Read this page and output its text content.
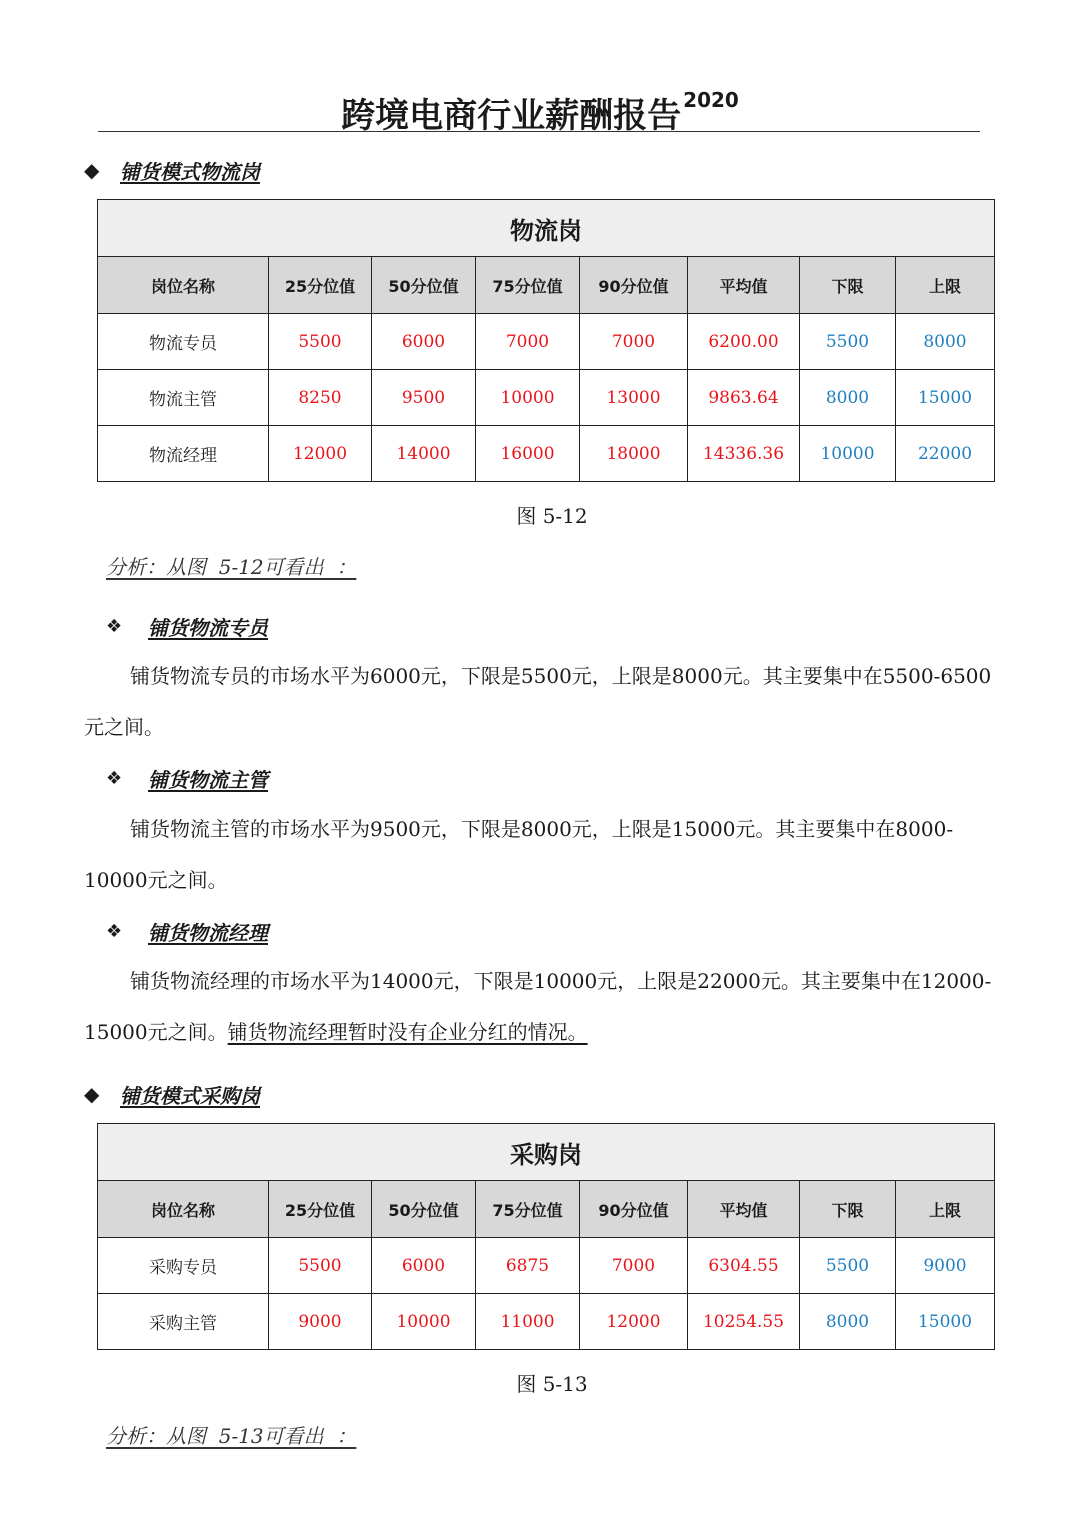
跨境电商行业薪酬报告 $^{2020}$
◆	铺货模式物流岗
物流岗							
岗位名称	25分位值	50分位值	75分位值	90分位值	平均值	下限	上限
物流专员	5500	6000	7000	7000	6200.00	5500	8000
物流主管	8250	9500	10000	13000	9863.64	8000	15000
物流经理	12000	14000	16000	18000	14336.36	10000	22000
图 5-12
分析：从图  5-12可看出  ：
❖	铺货物流专员
铺货物流专员的市场水平为6000元，下限是5500元，上限是8000元。其主要集中在5500-6500元之间。
❖	铺货物流主管
铺货物流主管的市场水平为9500元，下限是8000元，上限是15000元。其主要集中在8000-10000元之间。
❖	铺货物流经理
铺货物流经理的市场水平为14000元，下限是10000元，上限是22000元。其主要集中在12000-15000元之间。铺货物流经理暂时没有企业分红的情况。
◆	铺货模式采购岗
采购岗							
岗位名称	25分位值	50分位值	75分位值	90分位值	平均值	下限	上限
采购专员	5500	6000	6875	7000	6304.55	5500	9000
采购主管	9000	10000	11000	12000	10254.55	8000	15000
图 5-13
分析：从图  5-13可看出  ：
